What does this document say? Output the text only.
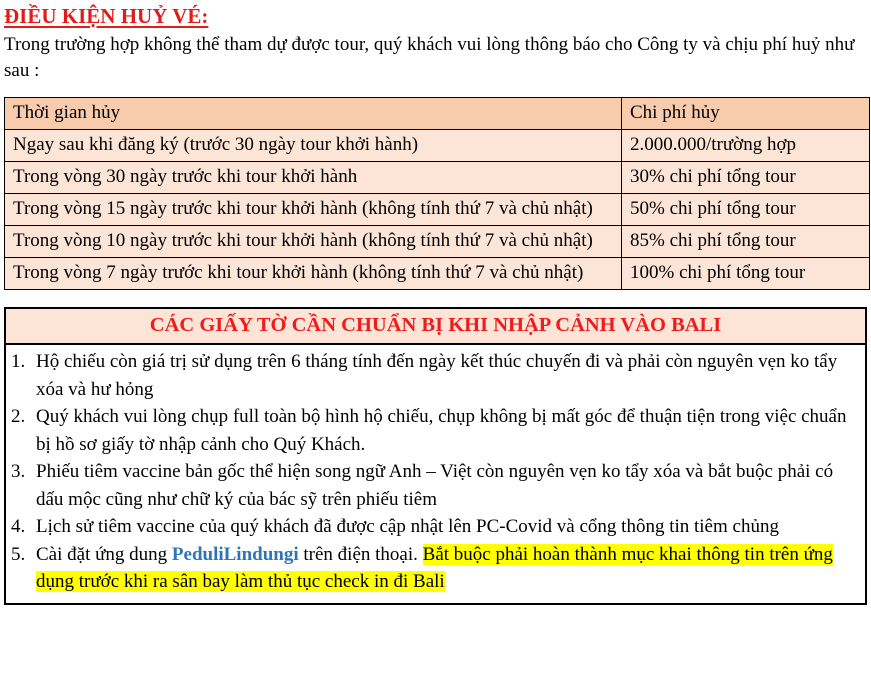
ĐIỀU KIỆN HUỶ VÉ:

Trong trường hợp không thể tham dự được tour, quý khách vui lòng thông báo cho Công ty và chịu phí huỷ như sau :

Thời gian hủy	Chi phí hủy
Ngay sau khi đăng ký (trước 30 ngày tour khởi hành)	2.000.000/trường hợp
Trong vòng 30 ngày trước khi tour khởi hành	30% chi phí tổng tour
Trong vòng 15 ngày trước khi tour khởi hành (không tính thứ 7 và chủ nhật)	50% chi phí tổng tour
Trong vòng 10 ngày trước khi tour khởi hành (không tính thứ 7 và chủ nhật)	85% chi phí tổng tour
Trong vòng 7 ngày trước khi tour khởi hành (không tính thứ 7 và chủ nhật)	100% chi phí tổng tour
CÁC GIẤY TỜ CẦN CHUẨN BỊ KHI NHẬP CẢNH VÀO BALI
1. Hộ chiếu còn giá trị sử dụng trên 6 tháng tính đến ngày kết thúc chuyến đi và phải còn nguyên vẹn ko tẩy xóa và hư hỏng
2. Quý khách vui lòng chụp full toàn bộ hình hộ chiếu, chụp không bị mất góc để thuận tiện trong việc chuẩn bị hồ sơ giấy tờ nhập cảnh cho Quý Khách.
3. Phiếu tiêm vaccine bản gốc thể hiện song ngữ Anh – Việt còn nguyên vẹn ko tẩy xóa và bắt buộc phải có dấu mộc cũng như chữ ký của bác sỹ trên phiếu tiêm
4. Lịch sử tiêm vaccine của quý khách đã được cập nhật lên PC-Covid và cổng thông tin tiêm chủng
5. Cài đặt ứng dung PeduliLindungi trên điện thoại. Bắt buộc phải hoàn thành mục khai thông tin trên ứng dụng trước khi ra sân bay làm thủ tục check in đi Bali
